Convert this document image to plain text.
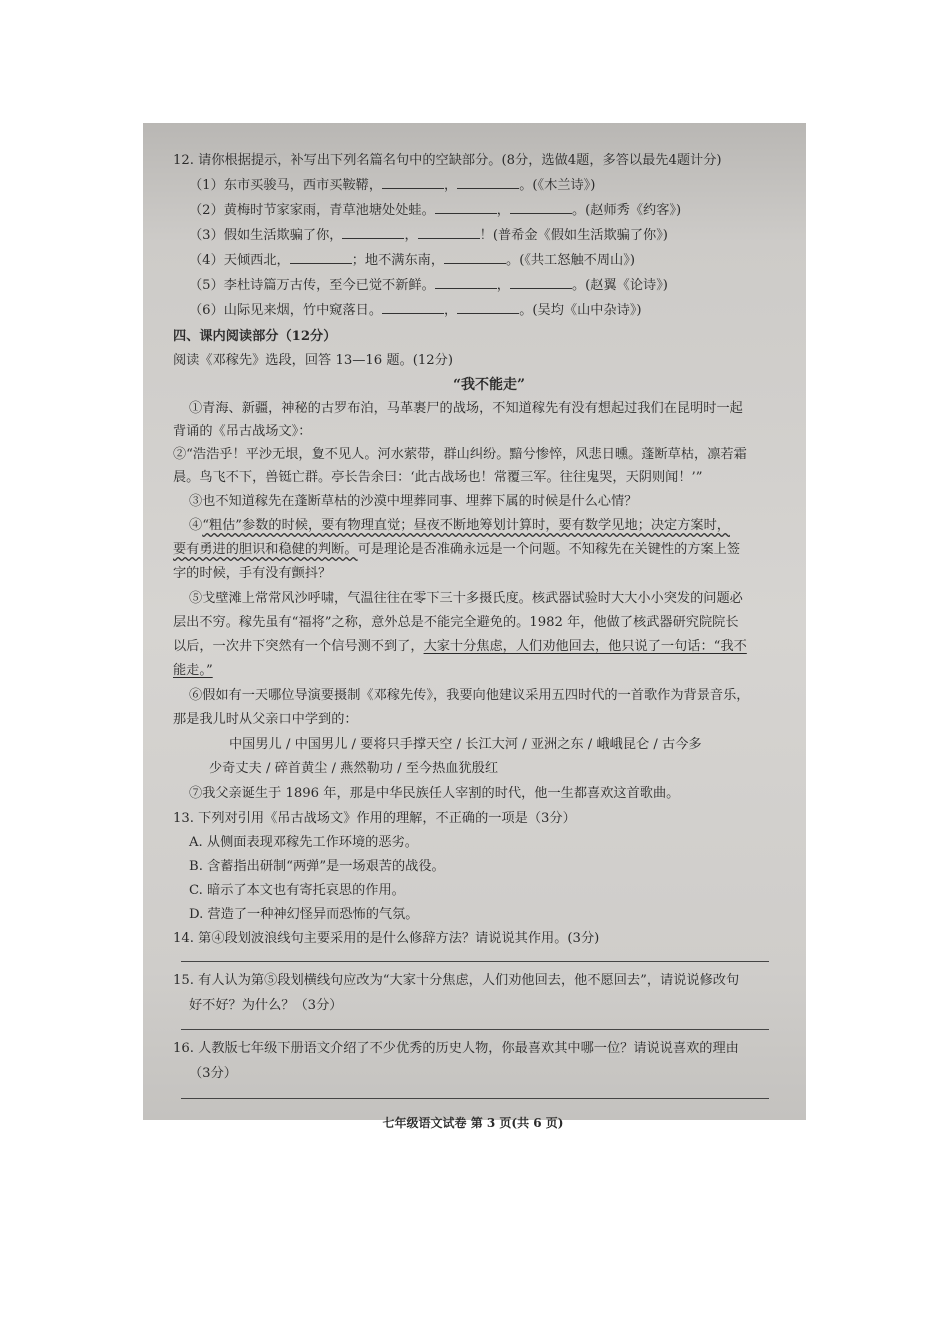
12. 请你根据提示，补写出下列名篇名句中的空缺部分。(8分，选做4题，多答以最先4题计分)
（1）东市买骏马，西市买鞍鞯，	，	。(《木兰诗》)
（2）黄梅时节家家雨，青草池塘处处蛙。	，	。(赵师秀《约客》)
（3）假如生活欺骗了你，	，	！(普希金《假如生活欺骗了你》)
（4）天倾西北，	；地不满东南，	。(《共工怒触不周山》)
（5）李杜诗篇万古传，至今已觉不新鲜。	，	。(赵翼《论诗》)
（6）山际见来烟，竹中窥落日。	，	。(吴均《山中杂诗》)
四、课内阅读部分（12分）
阅读《邓稼先》选段，回答 13—16 题。(12分)
“我不能走”
①青海、新疆，神秘的古罗布泊，马革裹尸的战场，不知道稼先有没有想起过我们在昆明时一起
背诵的《吊古战场文》：
②“浩浩乎！平沙无垠，夐不见人。河水萦带，群山纠纷。黯兮惨悴，风悲日曛。蓬断草枯，凛若霜
晨。鸟飞不下，兽铤亡群。亭长告余曰：‘此古战场也！常覆三军。往往鬼哭，天阴则闻！’”
③也不知道稼先在蓬断草枯的沙漠中埋葬同事、埋葬下属的时候是什么心情？
④“粗估”参数的时候，要有物理直觉；昼夜不断地筹划计算时，要有数学见地；决定方案时，
要有勇进的胆识和稳健的判断。可是理论是否准确永远是一个问题。不知稼先在关键性的方案上签
字的时候，手有没有颤抖？
⑤戈壁滩上常常风沙呼啸，气温往往在零下三十多摄氏度。核武器试验时大大小小突发的问题必
层出不穷。稼先虽有“福将”之称，意外总是不能完全避免的。1982 年，他做了核武器研究院院长
以后，一次井下突然有一个信号测不到了，大家十分焦虑，人们劝他回去，他只说了一句话：“我不
能走。”
⑥假如有一天哪位导演要摄制《邓稼先传》，我要向他建议采用五四时代的一首歌作为背景音乐，
那是我儿时从父亲口中学到的：
中国男儿 / 中国男儿 / 要将只手撑天空 / 长江大河 / 亚洲之东 / 峨峨昆仑 / 古今多
少奇丈夫 / 碎首黄尘 / 燕然勒功 / 至今热血犹殷红
⑦我父亲诞生于 1896 年，那是中华民族任人宰割的时代，他一生都喜欢这首歌曲。
13. 下列对引用《吊古战场文》作用的理解，不正确的一项是（3分）
A. 从侧面表现邓稼先工作环境的恶劣。
B. 含蓄指出研制“两弹”是一场艰苦的战役。
C. 暗示了本文也有寄托哀思的作用。
D. 营造了一种神幻怪异而恐怖的气氛。
14. 第④段划波浪线句主要采用的是什么修辞方法？请说说其作用。(3分)
15. 有人认为第⑤段划横线句应改为“大家十分焦虑，人们劝他回去，他不愿回去”，请说说修改句
好不好？为什么？（3分）
16. 人教版七年级下册语文介绍了不少优秀的历史人物，你最喜欢其中哪一位？请说说喜欢的理由
（3分）
七年级语文试卷 第 3 页(共 6 页)
